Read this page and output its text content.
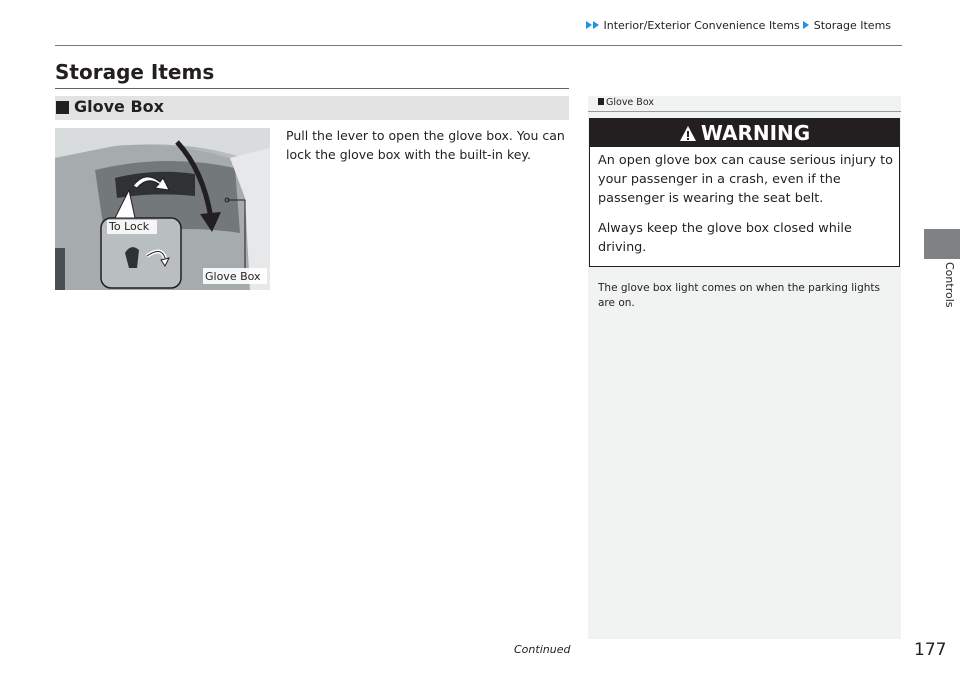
Interior/Exterior Convenience Items Storage Items
Controls
Storage Items
Glove Box
Pull the lever to open the glove box. You can lock the glove box with the built-in key.
To Lock
Glove Box
Glove Box
WARNING
An open glove box can cause serious injury to your passenger in a crash, even if the passenger is wearing the seat belt.
Always keep the glove box closed while driving.
The glove box light comes on when the parking lights are on.
Continued	177
